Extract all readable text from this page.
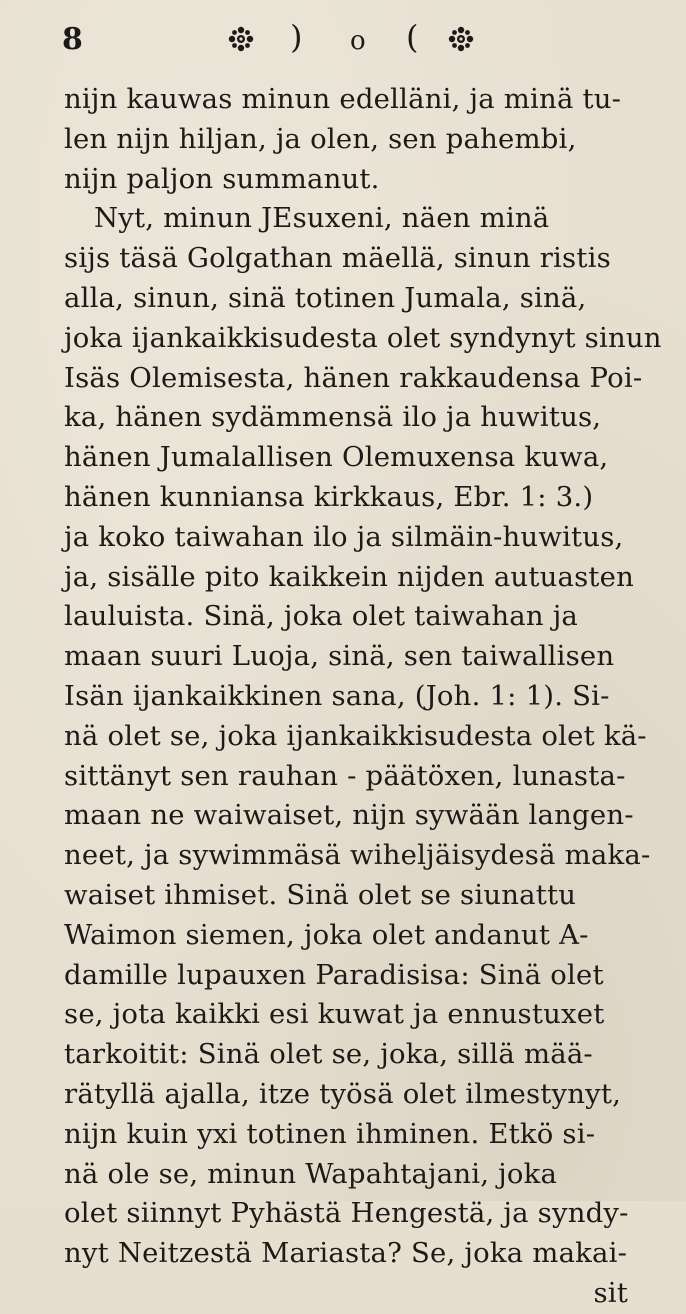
8	) o (
nijn kauwas minun edelläni, ja minä tu-
len nijn hiljan, ja olen, sen pahembi,
nijn paljon summanut.
Nyt, minun JEsuxeni, näen minä
sijs täsä Golgathan mäellä, sinun ristis
alla, sinun, sinä totinen Jumala, sinä,
joka ijankaikkisudesta olet syndynyt sinun
Isäs Olemisesta, hänen rakkaudensa Poi-
ka, hänen sydämmensä ilo ja huwitus,
hänen Jumalallisen Olemuxensa kuwa,
hänen kunniansa kirkkaus, Ebr. 1: 3.)
ja koko taiwahan ilo ja silmäin-huwitus,
ja, sisälle pito kaikkein nijden autuasten
lauluista. Sinä, joka olet taiwahan ja
maan suuri Luoja, sinä, sen taiwallisen
Isän ijankaikkinen sana, (Joh. 1: 1). Si-
nä olet se, joka ijankaikkisudesta olet kä-
sittänyt sen rauhan - päätöxen, lunasta-
maan ne waiwaiset, nijn sywään langen-
neet, ja sywimmäsä wiheljäisydesä maka-
waiset ihmiset. Sinä olet se siunattu
Waimon siemen, joka olet andanut A-
damille lupauxen Paradisisa: Sinä olet
se, jota kaikki esi kuwat ja ennustuxet
tarkoitit: Sinä olet se, joka, sillä mää-
rätyllä ajalla, itze työsä olet ilmestynyt,
nijn kuin yxi totinen ihminen. Etkö si-
nä ole se, minun Wapahtajani, joka
olet siinnyt Pyhästä Hengestä, ja syndy-
nyt Neitzestä Mariasta? Se, joka makai-
sit
